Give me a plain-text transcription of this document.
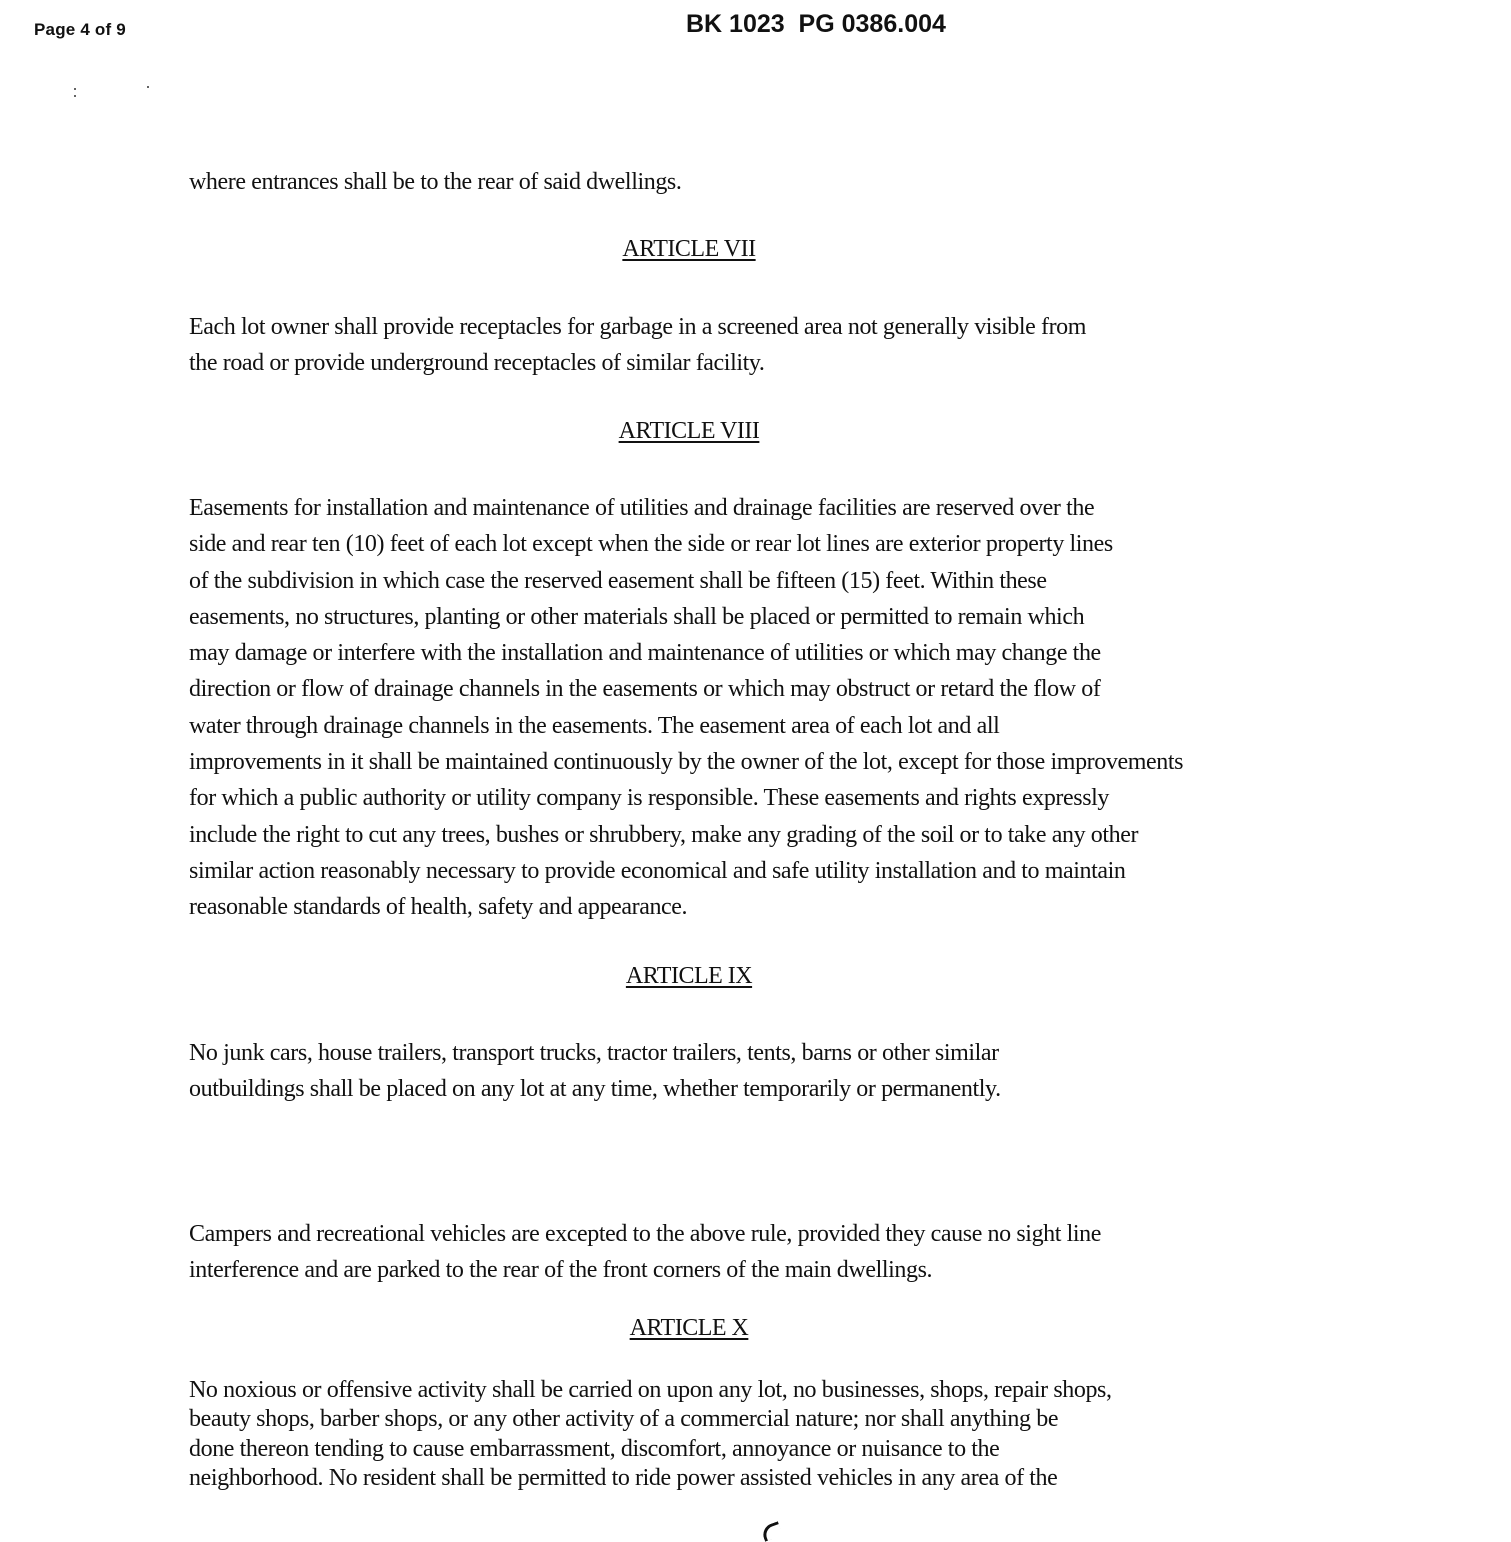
Page 4 of 9	BK 1023  PG 0386.004

where entrances shall be to the rear of said dwellings.

ARTICLE VII

Each lot owner shall provide receptacles for garbage in a screened area not generally visible from
the road or provide underground receptacles of similar facility.

ARTICLE VIII

Easements for installation and maintenance of utilities and drainage facilities are reserved over the
side and rear ten (10) feet of each lot except when the side or rear lot lines are exterior property lines
of the subdivision in which case the reserved easement shall be fifteen (15) feet. Within these
easements, no structures, planting or other materials shall be placed or permitted to remain which
may damage or interfere with the installation and maintenance of utilities or which may change the
direction or flow of drainage channels in the easements or which may obstruct or retard the flow of
water through drainage channels in the easements. The easement area of each lot and all
improvements in it shall be maintained continuously by the owner of the lot, except for those improvements
for which a public authority or utility company is responsible. These easements and rights expressly
include the right to cut any trees, bushes or shrubbery, make any grading of the soil or to take any other
similar action reasonably necessary to provide economical and safe utility installation and to maintain
reasonable standards of health, safety and appearance.

ARTICLE IX

No junk cars, house trailers, transport trucks, tractor trailers, tents, barns or other similar
outbuildings shall be placed on any lot at any time, whether temporarily or permanently.

Campers and recreational vehicles are excepted to the above rule, provided they cause no sight line
interference and are parked to the rear of the front corners of the main dwellings.

ARTICLE X

No noxious or offensive activity shall be carried on upon any lot, no businesses, shops, repair shops,
beauty shops, barber shops, or any other activity of a commercial nature; nor shall anything be
done thereon tending to cause embarrassment, discomfort, annoyance or nuisance to the
neighborhood. No resident shall be permitted to ride power assisted vehicles in any area of the
